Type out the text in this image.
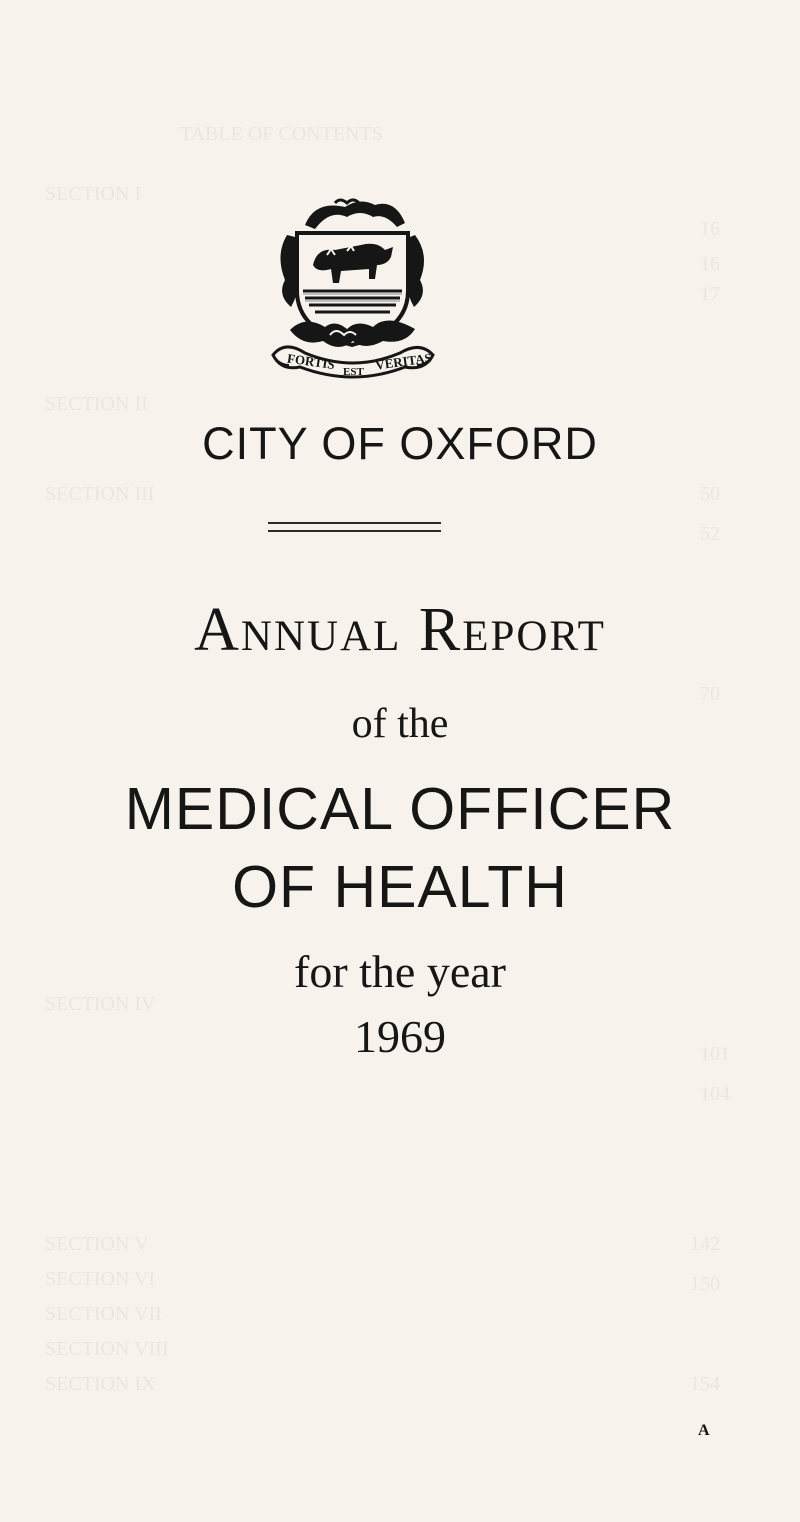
TABLE OF CONTENTS
SECTION I
SECTION II
SECTION III
SECTION IV
SECTION V
SECTION VI
SECTION VII
SECTION VIII
SECTION IX
16
16
17
50
52
70
101
104
142
150
154
FORTIS EST VERITAS
CITY OF OXFORD
Annual Report
of the
MEDICAL OFFICER
OF HEALTH
for the year
1969
A
